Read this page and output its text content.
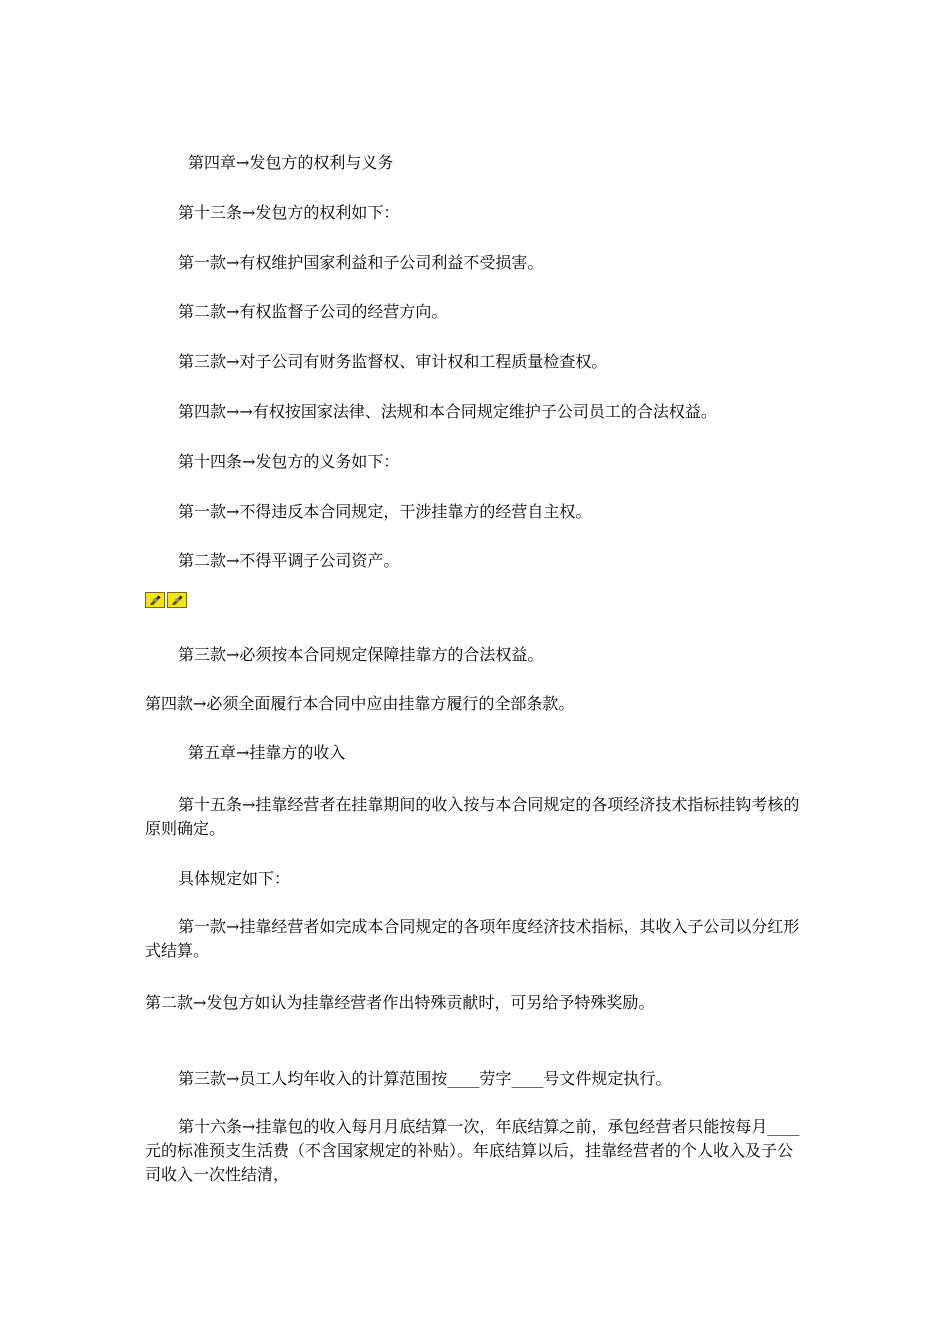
第四章→发包方的权利与义务
第十三条→发包方的权利如下：
第一款→有权维护国家利益和子公司利益不受损害。
第二款→有权监督子公司的经营方向。
第三款→对子公司有财务监督权、审计权和工程质量检查权。
第四款→→有权按国家法律、法规和本合同规定维护子公司员工的合法权益。
第十四条→发包方的义务如下：
第一款→不得违反本合同规定，干涉挂靠方的经营自主权。
第二款→不得平调子公司资产。
第三款→必须按本合同规定保障挂靠方的合法权益。
第四款→必须全面履行本合同中应由挂靠方履行的全部条款。
第五章→挂靠方的收入
第十五条→挂靠经营者在挂靠期间的收入按与本合同规定的各项经济技术指标挂钩考核的原则确定。
具体规定如下：
第一款→挂靠经营者如完成本合同规定的各项年度经济技术指标，其收入子公司以分红形式结算。
第二款→发包方如认为挂靠经营者作出特殊贡献时，可另给予特殊奖励。
第三款→员工人均年收入的计算范围按____劳字____号文件规定执行。
第十六条→挂靠包的收入每月月底结算一次，年底结算之前，承包经营者只能按每月____元的标准预支生活费（不含国家规定的补贴）。年底结算以后，挂靠经营者的个人收入及子公司收入一次性结清，
